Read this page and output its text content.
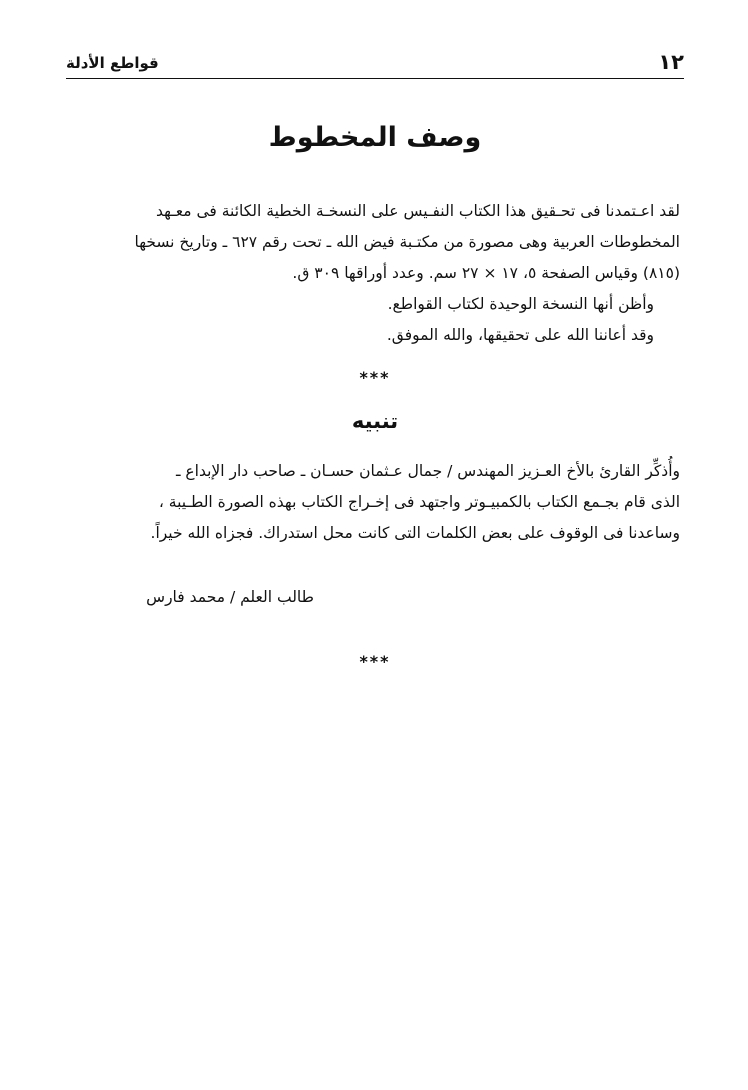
١٢
قواطع الأدلة
وصف المخطوط
لقد اعـتمدنا فى تحـقيق هذا الكتاب النفـيس على النسخـة الخطية الكائنة فى معـهد
المخطوطات العربية وهى مصورة من مكتـبة فيض الله ـ تحت رقم ٦٢٧ ـ وتاريخ نسخها
(٨١٥) وقياس الصفحة ٥، ١٧ × ٢٧ سم. وعدد أوراقها ٣٠٩ ق.
وأظن أنها النسخة الوحيدة لكتاب القواطع.
وقد أعاننا الله على تحقيقها، والله الموفق.
***
تنبيه
وأُذكِّر القارئ بالأخ العـزيز المهندس / جمال عـثمان حسـان ـ صاحب دار الإبداع ـ
الذى قام بجـمع الكتاب بالكمبيـوتر واجتهد فى إخـراج الكتاب بهذه الصورة الطـيبة ،
وساعدنا فى الوقوف على بعض الكلمات التى كانت محل استدراك. فجزاه الله خيراً.
طالب العلم / محمد فارس
***
